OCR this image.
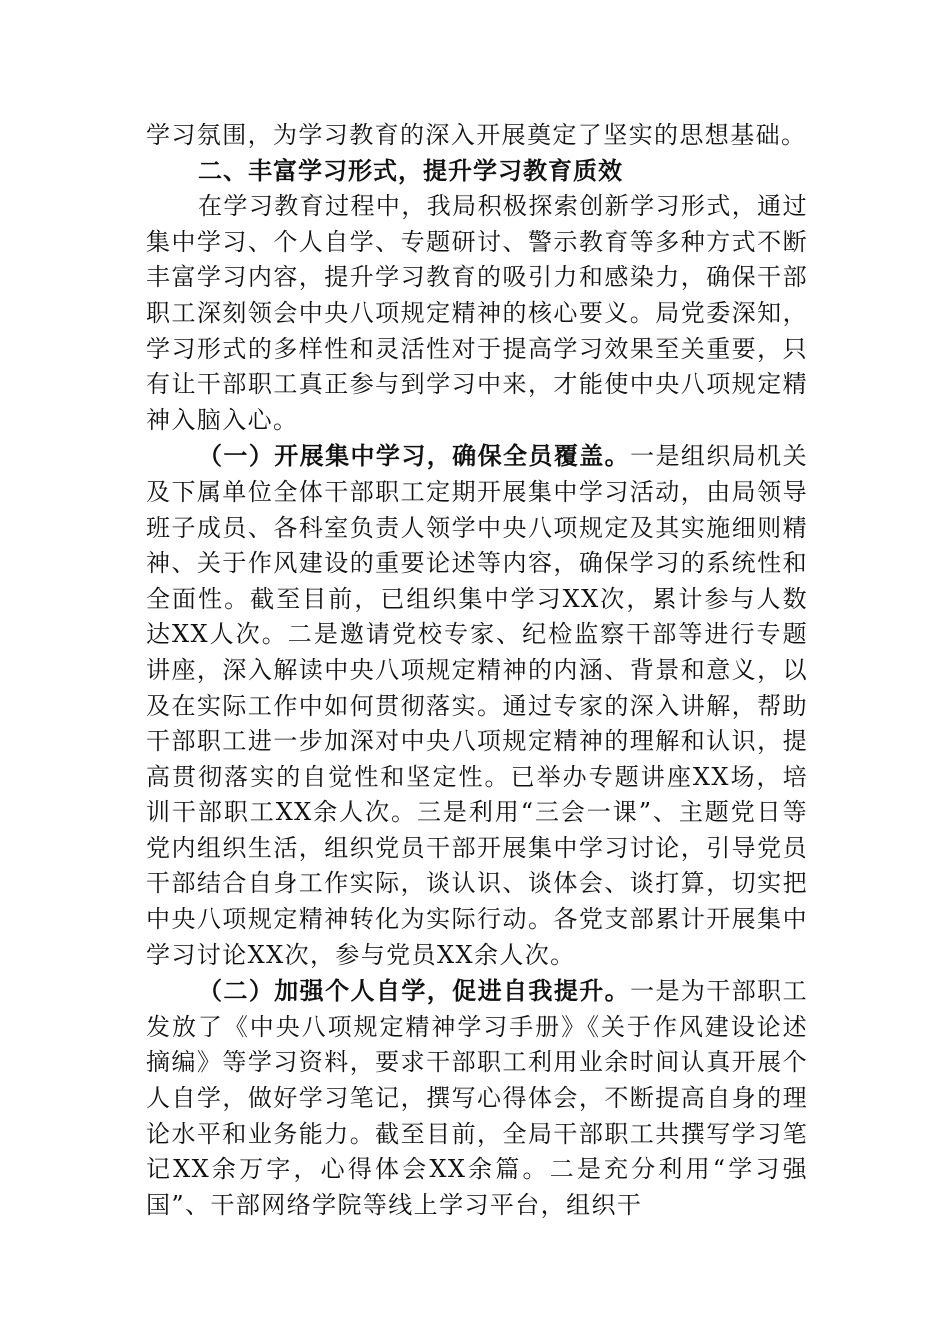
学习氛围，为学习教育的深入开展奠定了坚实的思想基础。

二、丰富学习形式，提升学习教育质效

在学习教育过程中，我局积极探索创新学习形式，通过集中学习、个人自学、专题研讨、警示教育等多种方式不断丰富学习内容，提升学习教育的吸引力和感染力，确保干部职工深刻领会中央八项规定精神的核心要义。局党委深知，学习形式的多样性和灵活性对于提高学习效果至关重要，只有让干部职工真正参与到学习中来，才能使中央八项规定精神入脑入心。

（一）开展集中学习，确保全员覆盖。一是组织局机关及下属单位全体干部职工定期开展集中学习活动，由局领导班子成员、各科室负责人领学中央八项规定及其实施细则精神、关于作风建设的重要论述等内容，确保学习的系统性和全面性。截至目前，已组织集中学习XX次，累计参与人数达XX人次。二是邀请党校专家、纪检监察干部等进行专题讲座，深入解读中央八项规定精神的内涵、背景和意义，以及在实际工作中如何贯彻落实。通过专家的深入讲解，帮助干部职工进一步加深对中央八项规定精神的理解和认识，提高贯彻落实的自觉性和坚定性。已举办专题讲座XX场，培训干部职工XX余人次。三是利用“三会一课”、主题党日等党内组织生活，组织党员干部开展集中学习讨论，引导党员干部结合自身工作实际，谈认识、谈体会、谈打算，切实把中央八项规定精神转化为实际行动。各党支部累计开展集中学习讨论XX次，参与党员XX余人次。

（二）加强个人自学，促进自我提升。一是为干部职工发放了《中央八项规定精神学习手册》《关于作风建设论述摘编》等学习资料，要求干部职工利用业余时间认真开展个人自学，做好学习笔记，撰写心得体会，不断提高自身的理论水平和业务能力。截至目前，全局干部职工共撰写学习笔记XX余万字，心得体会XX余篇。二是充分利用“学习强国”、干部网络学院等线上学习平台，组织干
